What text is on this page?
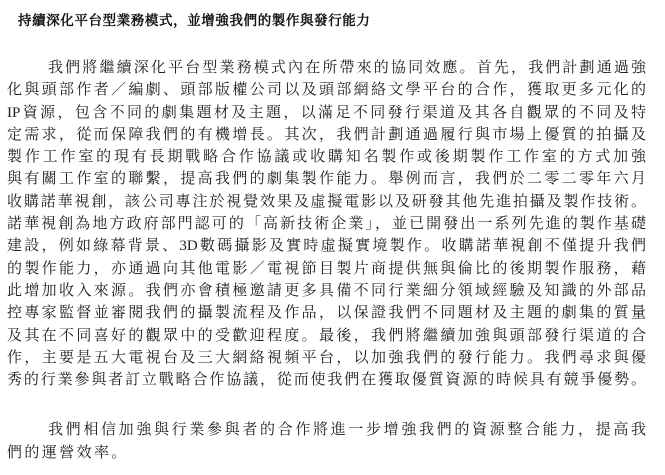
持續深化平台型業務模式，並增強我們的製作與發行能力
我們將繼續深化平台型業務模式內在所帶來的協同效應。首先，我們計劃通過強
化與頭部作者／編劇、頭部版權公司以及頭部網絡文學平台的合作，獲取更多元化的
IP資源，包含不同的劇集題材及主題，以滿足不同發行渠道及其各自觀眾的不同及特
定需求，從而保障我們的有機增長。其次，我們計劃通過履行與市場上優質的拍攝及
製作工作室的現有長期戰略合作協議或收購知名製作或後期製作工作室的方式加強
與有關工作室的聯繫，提高我們的劇集製作能力。舉例而言，我們於二零二零年六月
收購諾華視創，該公司專注於視覺效果及虛擬電影以及研發其他先進拍攝及製作技術。
諾華視創為地方政府部門認可的「高新技術企業」，並已開發出一系列先進的製作基礎
建設，例如綠幕背景、3D數碼攝影及實時虛擬實境製作。收購諾華視創不僅提升我們
的製作能力，亦通過向其他電影／電視節目製片商提供無與倫比的後期製作服務，藉
此增加收入來源。我們亦會積極邀請更多具備不同行業細分領域經驗及知識的外部品
控專家監督並審閱我們的攝製流程及作品，以保證我們不同題材及主題的劇集的質量
及其在不同喜好的觀眾中的受歡迎程度。最後，我們將繼續加強與頭部發行渠道的合
作，主要是五大電視台及三大網絡視頻平台，以加強我們的發行能力。我們尋求與優
秀的行業參與者訂立戰略合作協議，從而使我們在獲取優質資源的時候具有競爭優勢。
我們相信加強與行業參與者的合作將進一步增強我們的資源整合能力，提高我
們的運營效率。
